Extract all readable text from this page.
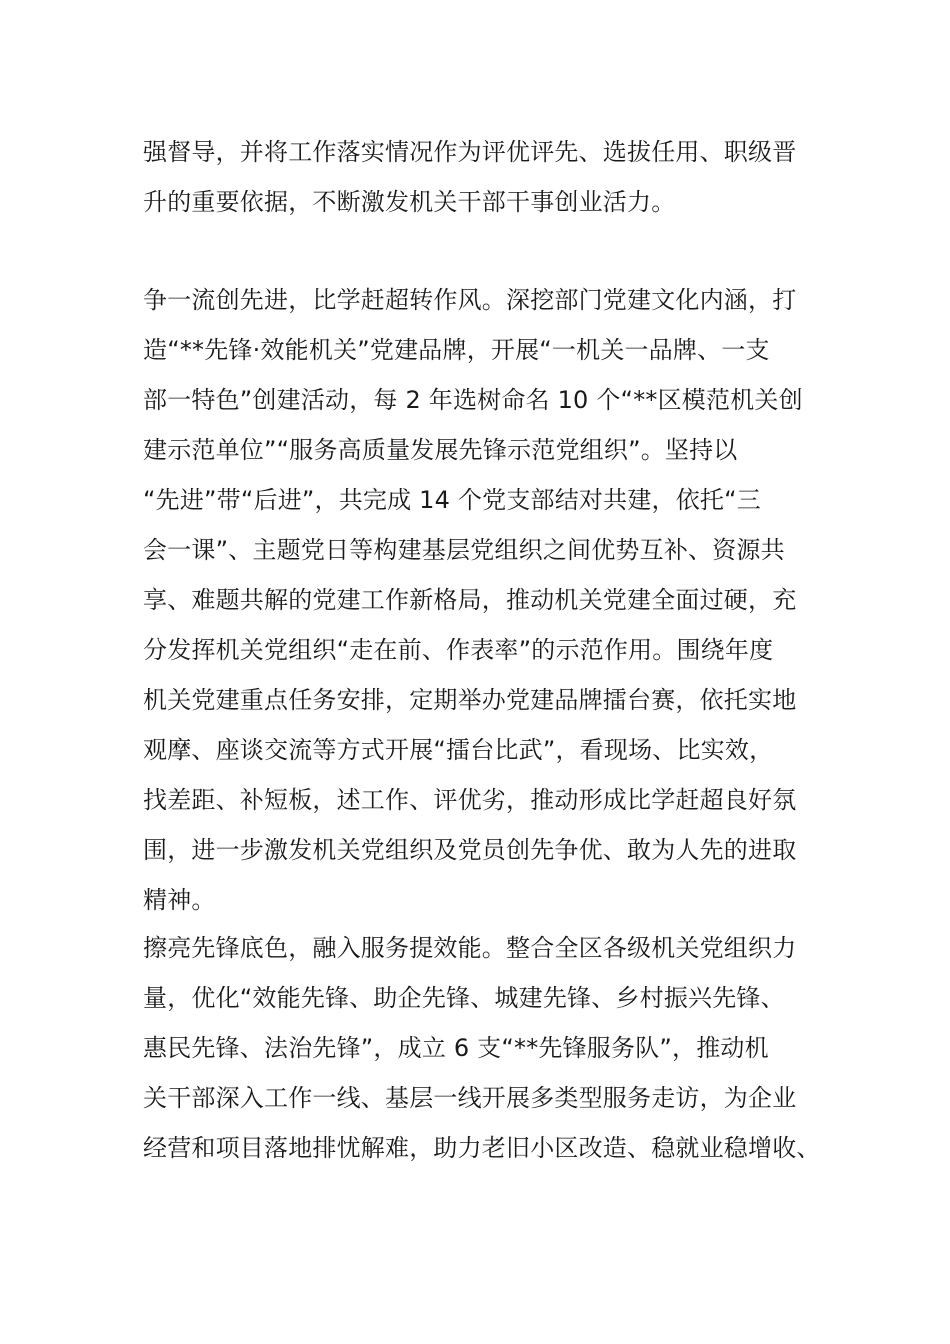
强督导，并将工作落实情况作为评优评先、选拔任用、职级晋
升的重要依据，不断激发机关干部干事创业活力。
争一流创先进，比学赶超转作风。深挖部门党建文化内涵，打
造“**先锋·效能机关”党建品牌，开展“一机关一品牌、一支
部一特色”创建活动，每 2 年选树命名 10 个“**区模范机关创
建示范单位”“服务高质量发展先锋示范党组织”。坚持以
“先进”带“后进”，共完成 14 个党支部结对共建，依托“三
会一课”、主题党日等构建基层党组织之间优势互补、资源共
享、难题共解的党建工作新格局，推动机关党建全面过硬，充
分发挥机关党组织“走在前、作表率”的示范作用。围绕年度
机关党建重点任务安排，定期举办党建品牌擂台赛，依托实地
观摩、座谈交流等方式开展“擂台比武”，看现场、比实效，
找差距、补短板，述工作、评优劣，推动形成比学赶超良好氛
围，进一步激发机关党组织及党员创先争优、敢为人先的进取
精神。
擦亮先锋底色，融入服务提效能。整合全区各级机关党组织力
量，优化“效能先锋、助企先锋、城建先锋、乡村振兴先锋、
惠民先锋、法治先锋”，成立 6 支“**先锋服务队”，推动机
关干部深入工作一线、基层一线开展多类型服务走访，为企业
经营和项目落地排忧解难，助力老旧小区改造、稳就业稳增收、
